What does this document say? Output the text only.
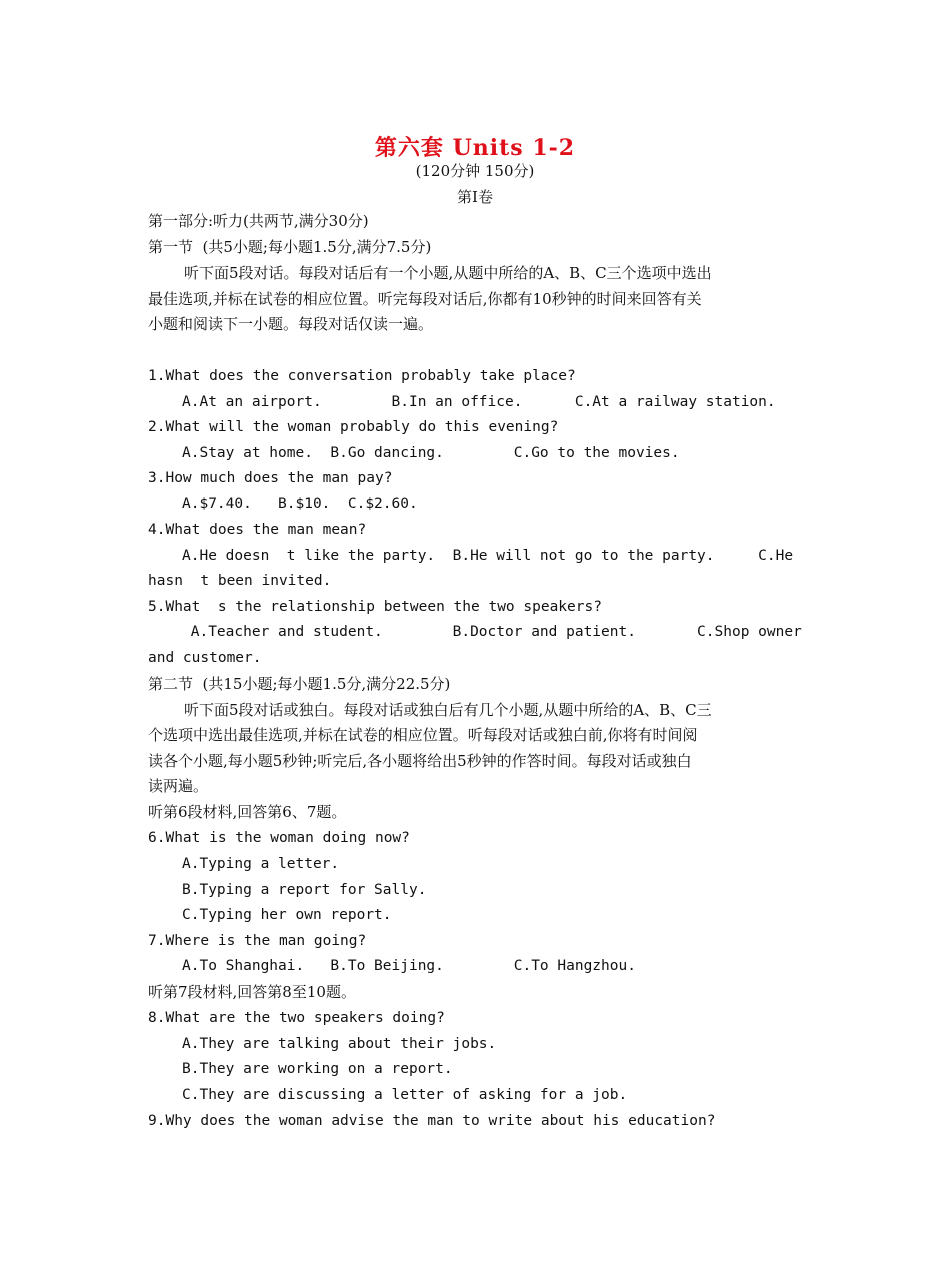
第六套 Units 1-2
(120分钟 150分)
第Ⅰ卷
第一部分:听力(共两节,满分30分)
第一节  (共5小题;每小题1.5分,满分7.5分)
听下面5段对话。每段对话后有一个小题,从题中所给的A、B、C三个选项中选出
最佳选项,并标在试卷的相应位置。听完每段对话后,你都有10秒钟的时间来回答有关
小题和阅读下一小题。每段对话仅读一遍。
1.What does the conversation probably take place?
A.At an airport.        B.In an office.      C.At a railway station.
2.What will the woman probably do this evening?
A.Stay at home.  B.Go dancing.        C.Go to the movies.
3.How much does the man pay?
A.$7.40.   B.$10.  C.$2.60.
4.What does the man mean?
A.He doesn  t like the party.  B.He will not go to the party.     C.He
hasn  t been invited.
5.What  s the relationship between the two speakers?
A.Teacher and student.        B.Doctor and patient.       C.Shop owner
and customer.
第二节  (共15小题;每小题1.5分,满分22.5分)
听下面5段对话或独白。每段对话或独白后有几个小题,从题中所给的A、B、C三
个选项中选出最佳选项,并标在试卷的相应位置。听每段对话或独白前,你将有时间阅
读各个小题,每小题5秒钟;听完后,各小题将给出5秒钟的作答时间。每段对话或独白
读两遍。
听第6段材料,回答第6、7题。
6.What is the woman doing now?
A.Typing a letter.
B.Typing a report for Sally.
C.Typing her own report.
7.Where is the man going?
A.To Shanghai.   B.To Beijing.        C.To Hangzhou.
听第7段材料,回答第8至10题。
8.What are the two speakers doing?
A.They are talking about their jobs.
B.They are working on a report.
C.They are discussing a letter of asking for a job.
9.Why does the woman advise the man to write about his education?
